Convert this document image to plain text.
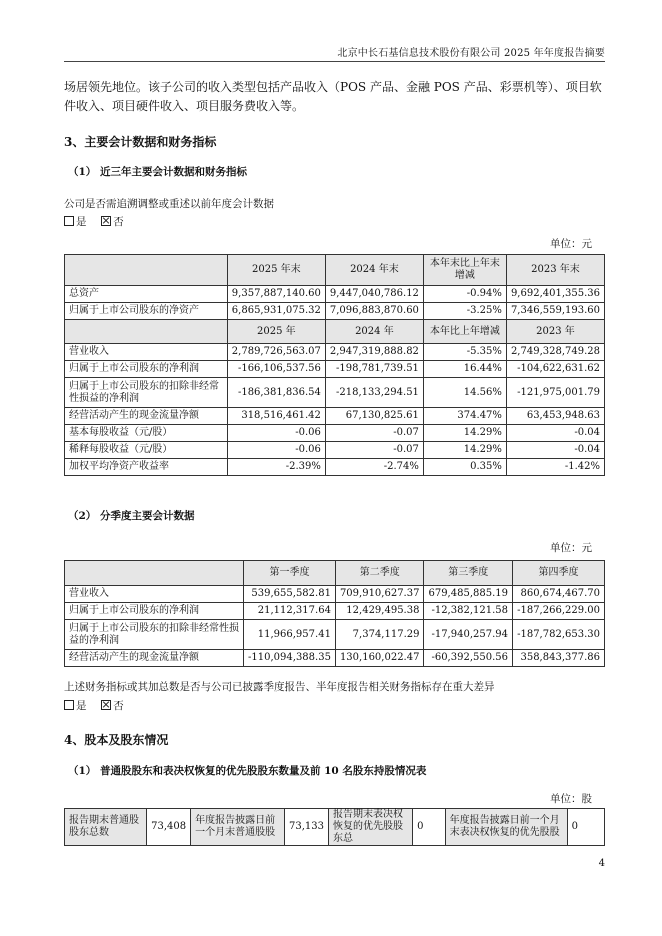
北京中长石基信息技术股份有限公司 2025 年年度报告摘要
场居领先地位。该子公司的收入类型包括产品收入（POS 产品、金融 POS 产品、彩票机等）、项目软件收入、项目硬件收入、项目服务费收入等。
3、主要会计数据和财务指标
（1） 近三年主要会计数据和财务指标
公司是否需追溯调整或重述以前年度会计数据
是	否
单位：元
	2025 年末	2024 年末	本年末比上年末增减	2023 年末
总资产	9,357,887,140.60	9,447,040,786.12	-0.94%	9,692,401,355.36
归属于上市公司股东的净资产	6,865,931,075.32	7,096,883,870.60	-3.25%	7,346,559,193.60
	2025 年	2024 年	本年比上年增减	2023 年
营业收入	2,789,726,563.07	2,947,319,888.82	-5.35%	2,749,328,749.28
归属于上市公司股东的净利润	-166,106,537.56	-198,781,739.51	16.44%	-104,622,631.62
归属于上市公司股东的扣除非经常性损益的净利润	-186,381,836.54	-218,133,294.51	14.56%	-121,975,001.79
经营活动产生的现金流量净额	318,516,461.42	67,130,825.61	374.47%	63,453,948.63
基本每股收益（元/股）	-0.06	-0.07	14.29%	-0.04
稀释每股收益（元/股）	-0.06	-0.07	14.29%	-0.04
加权平均净资产收益率	-2.39%	-2.74%	0.35%	-1.42%
（2） 分季度主要会计数据
单位：元
	第一季度	第二季度	第三季度	第四季度
营业收入	539,655,582.81	709,910,627.37	679,485,885.19	860,674,467.70
归属于上市公司股东的净利润	21,112,317.64	12,429,495.38	-12,382,121.58	-187,266,229.00
归属于上市公司股东的扣除非经常性损益的净利润	11,966,957.41	7,374,117.29	-17,940,257.94	-187,782,653.30
经营活动产生的现金流量净额	-110,094,388.35	130,160,022.47	-60,392,550.56	358,843,377.86
上述财务指标或其加总数是否与公司已披露季度报告、半年度报告相关财务指标存在重大差异
是	否
4、股本及股东情况
（1） 普通股股东和表决权恢复的优先股股东数量及前 10 名股东持股情况表
单位：股
报告期末普通股股东总数	73,408	年度报告披露日前一个月末普通股股	73,133	报告期末表决权恢复的优先股股东总	0	年度报告披露日前一个月末表决权恢复的优先股股	0
4
